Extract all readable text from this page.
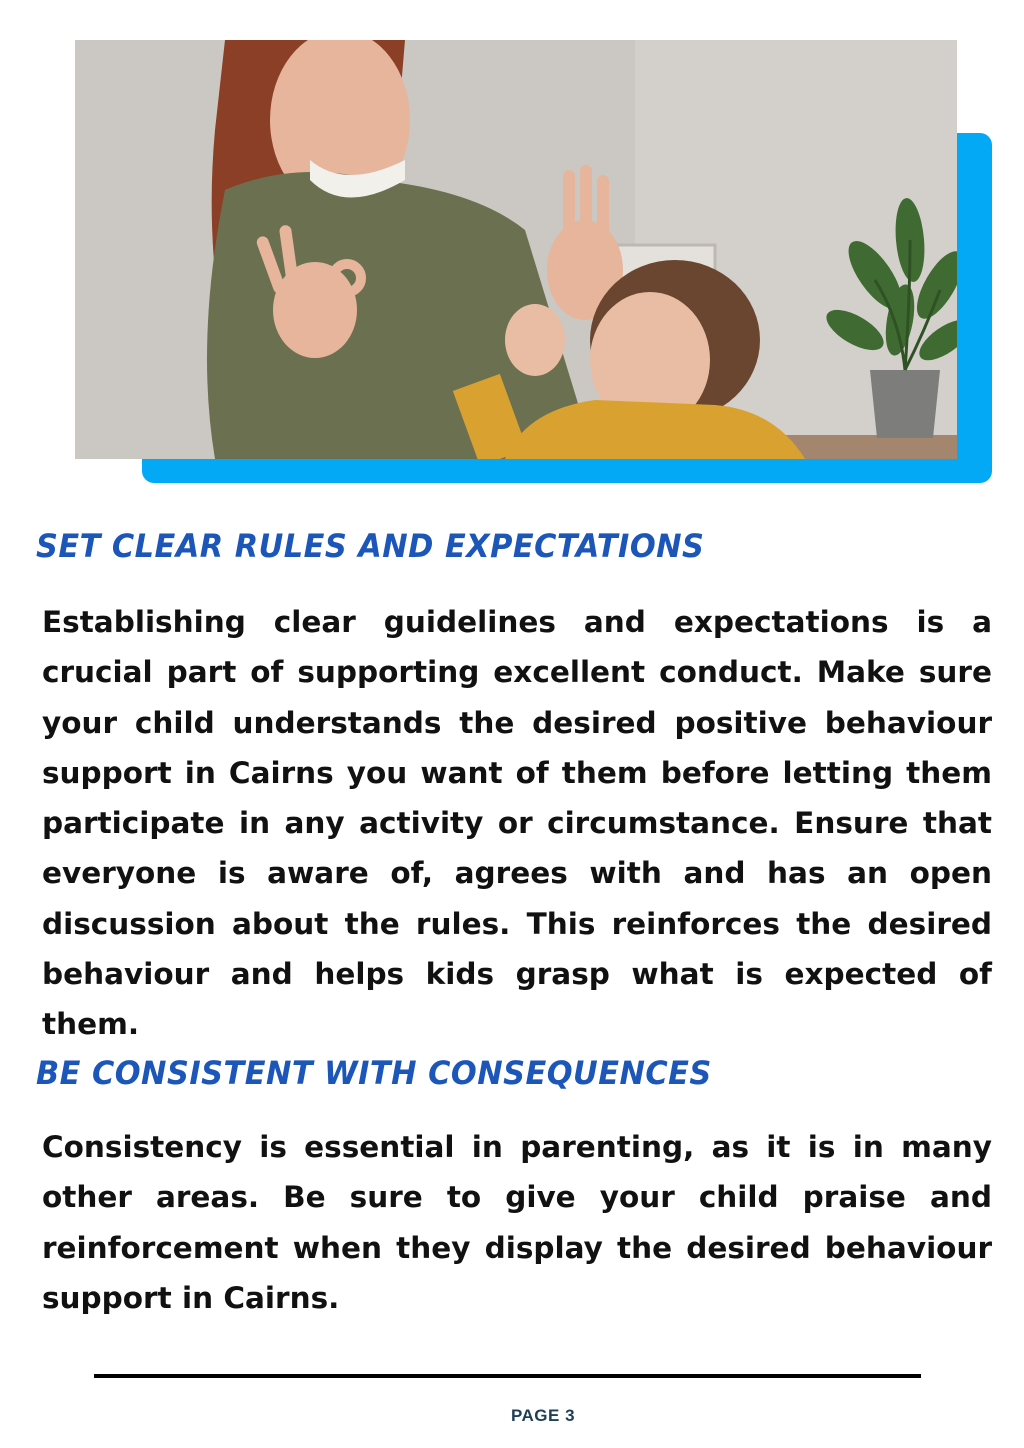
SET CLEAR RULES AND EXPECTATIONS

Establishing clear guidelines and expectations is a crucial part of supporting excellent conduct. Make sure your child understands the desired positive behaviour support in Cairns you want of them before letting them participate in any activity or circumstance. Ensure that everyone is aware of, agrees with and has an open discussion about the rules. This reinforces the desired behaviour and helps kids grasp what is expected of them.

BE CONSISTENT WITH CONSEQUENCES

Consistency is essential in parenting, as it is in many other areas. Be sure to give your child praise and reinforcement when they display the desired behaviour support in Cairns.

PAGE 3
